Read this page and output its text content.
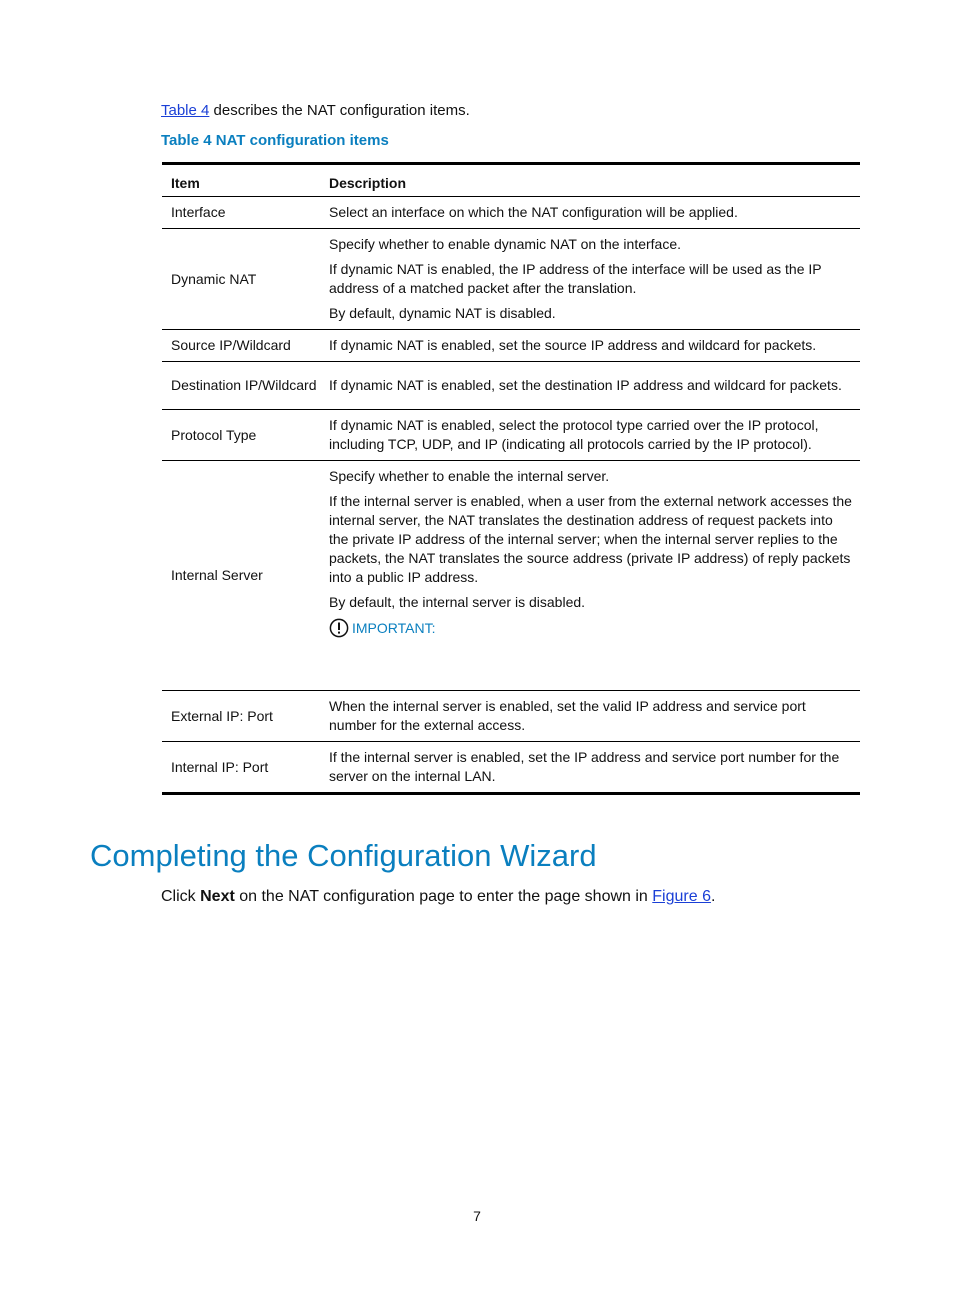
Table 4 describes the NAT configuration items.
Table 4 NAT configuration items
Item	Description
Interface	Select an interface on which the NAT configuration will be applied.

Dynamic NAT	Specify whether to enable dynamic NAT on the interface.

If dynamic NAT is enabled, the IP address of the interface will be used as the IP address of a matched packet after the translation.

By default, dynamic NAT is disabled.

Source IP/Wildcard	If dynamic NAT is enabled, set the source IP address and wildcard for packets.

Destination IP/Wildcard	If dynamic NAT is enabled, set the destination IP address and wildcard for packets.

Protocol Type	If dynamic NAT is enabled, select the protocol type carried over the IP protocol, including TCP, UDP, and IP (indicating all protocols carried by the IP protocol).

Internal Server	Specify whether to enable the internal server.

If the internal server is enabled, when a user from the external network accesses the internal server, the NAT translates the destination address of request packets into the private IP address of the internal server; when the internal server replies to the packets, the NAT translates the source address (private IP address) of reply packets into a public IP address.

By default, the internal server is disabled.

IMPORTANT:

External IP: Port	When the internal server is enabled, set the valid IP address and service port number for the external access.

Internal IP: Port	If the internal server is enabled, set the IP address and service port number for the server on the internal LAN.

Completing the Configuration Wizard
Click Next on the NAT configuration page to enter the page shown in Figure 6.
7
